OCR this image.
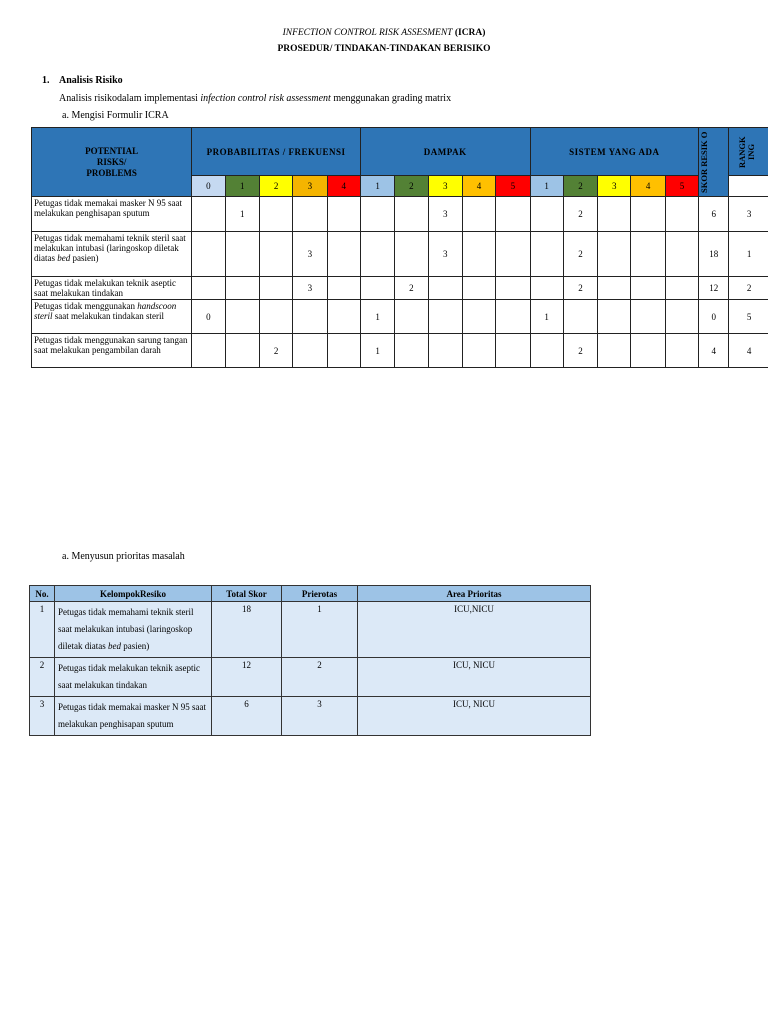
INFECTION CONTROL RISK ASSESMENT (ICRA)
PROSEDUR/ TINDAKAN-TINDAKAN BERISIKO
1. Analisis Risiko
Analisis risikodalam implementasi infection control risk assessment menggunakan grading matrix
a. Mengisi Formulir ICRA
POTENTIAL RISKS/ PROBLEMS	PROBABILITAS / FREKUENSI					DAMPAK					SISTEM YANG ADA					SKOR RESIK O	RANGK ING

	0	1	2	3	4	1	2	3	4	5	1	2	3	4	5		
Petugas tidak memakai masker N 95 saat melakukan penghisapan sputum		1						3				2				6	3
Petugas tidak memahami teknik steril saat melakukan intubasi (laringoskop diletak diatas bed pasien)				3				3				2				18	1
Petugas tidak melakukan teknik aseptic saat melakukan tindakan				3			2					2				12	2
Petugas tidak menggunakan handscoon steril saat melakukan tindakan steril	0					1					1					0	5
Petugas tidak menggunakan sarung tangan saat melakukan pengambilan darah			2			1						2				4	4
a. Menyusun prioritas masalah
No.	KelompokResiko	Total Skor	Prierotas	Area Prioritas
1	Petugas tidak memahami teknik steril saat melakukan intubasi (laringoskop diletak diatas bed pasien)	18	1	ICU,NICU
2	Petugas tidak melakukan teknik aseptic saat melakukan tindakan	12	2	ICU, NICU
3	Petugas tidak memakai masker N 95 saat melakukan penghisapan sputum	6	3	ICU, NICU
